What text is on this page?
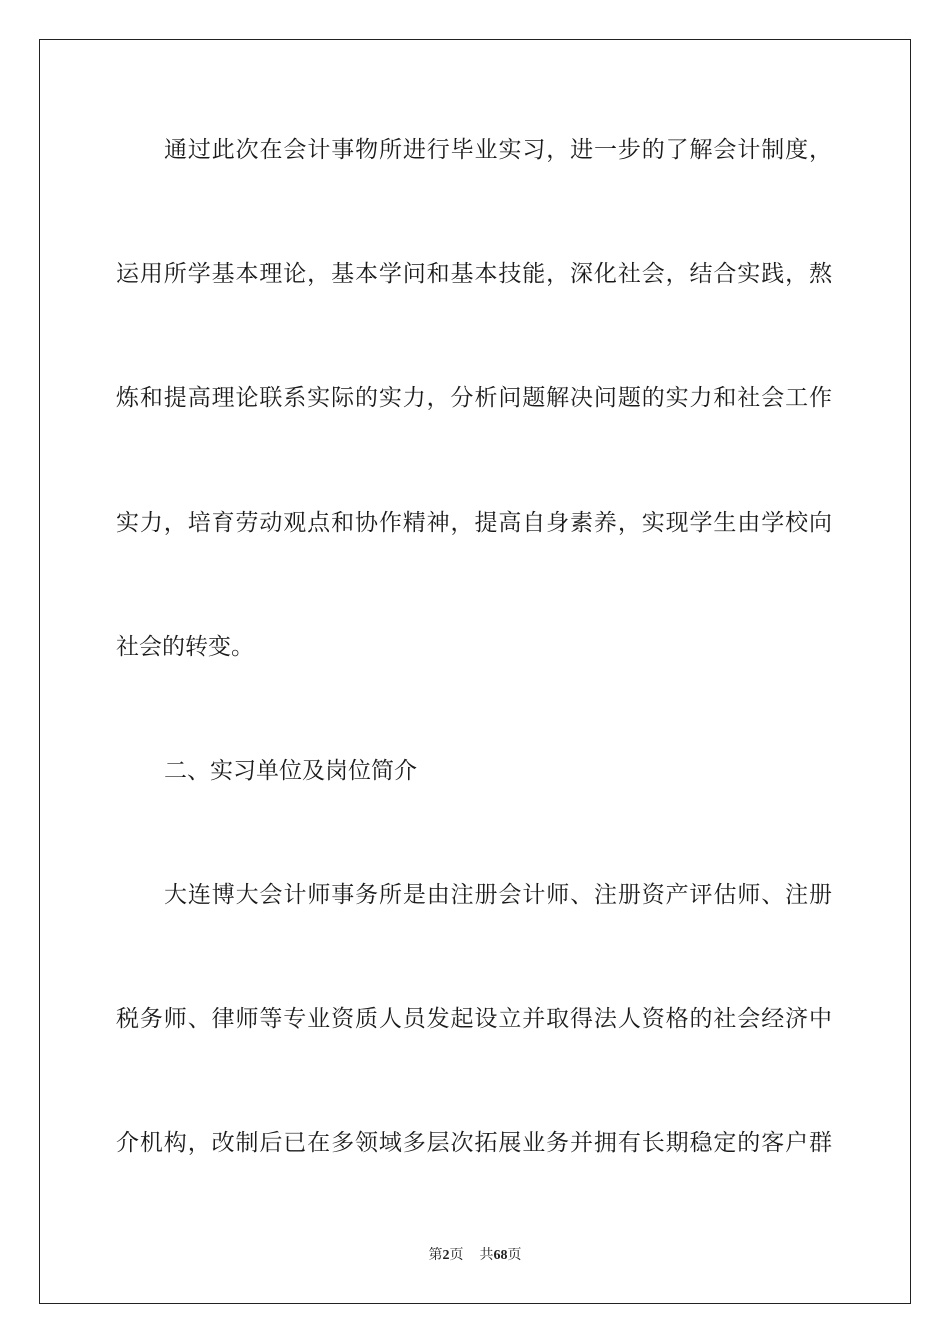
通过此次在会计事物所进行毕业实习，进一步的了解会计制度，
运用所学基本理论，基本学问和基本技能，深化社会，结合实践，熬
炼和提高理论联系实际的实力，分析问题解决问题的实力和社会工作
实力，培育劳动观点和协作精神，提高自身素养，实现学生由学校向
社会的转变。
二、实习单位及岗位简介
大连博大会计师事务所是由注册会计师、注册资产评估师、注册
税务师、律师等专业资质人员发起设立并取得法人资格的社会经济中
介机构，改制后已在多领域多层次拓展业务并拥有长期稳定的客户群
第2页 共68页
